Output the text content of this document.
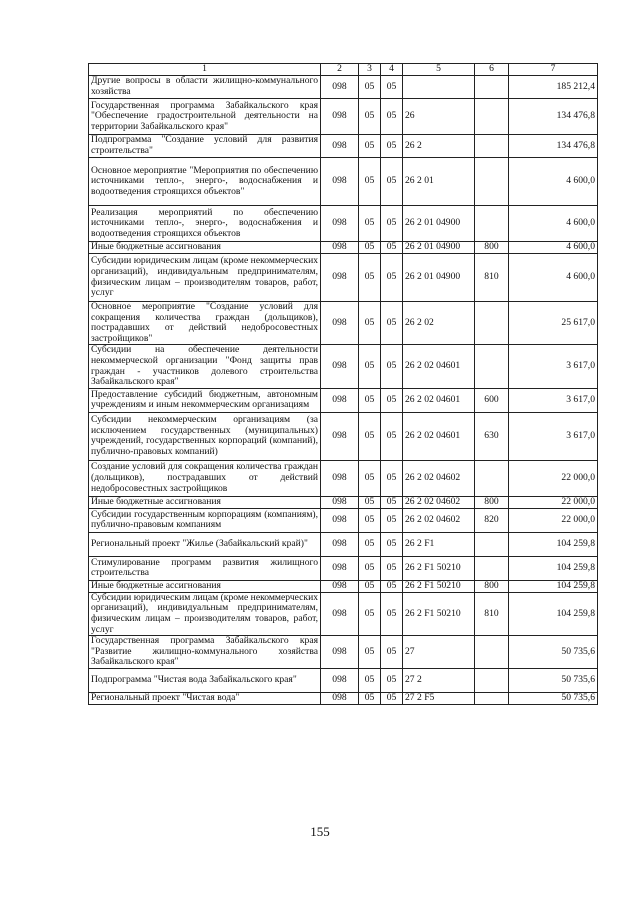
1	2	3	4	5	6	7
Другие вопросы в области жилищно-коммунального хозяйства	098	05	05			185 212,4
Государственная программа Забайкальского края "Обеспечение градостроительной деятельности на территории Забайкальского края"	098	05	05	26		134 476,8
Подпрограмма "Создание условий для развития строительства"	098	05	05	26 2		134 476,8
Основное мероприятие "Мероприятия по обеспечению источниками тепло-, энерго-, водоснабжения и водоотведения строящихся объектов"	098	05	05	26 2 01		4 600,0
Реализация мероприятий по обеспечению источниками тепло-, энерго-, водоснабжения и водоотведения строящихся объектов	098	05	05	26 2 01 04900		4 600,0
Иные бюджетные ассигнования	098	05	05	26 2 01 04900	800	4 600,0
Субсидии юридическим лицам (кроме некоммерческих организаций), индивидуальным предпринимателям, физическим лицам – производителям товаров, работ, услуг	098	05	05	26 2 01 04900	810	4 600,0
Основное мероприятие "Создание условий для сокращения количества граждан (дольщиков), пострадавших от действий недобросовестных застройщиков"	098	05	05	26 2 02		25 617,0
Субсидии на обеспечение деятельности некоммерческой организации "Фонд защиты прав граждан - участников долевого строительства Забайкальского края"	098	05	05	26 2 02 04601		3 617,0
Предоставление субсидий бюджетным, автономным учреждениям и иным некоммерческим организациям	098	05	05	26 2 02 04601	600	3 617,0
Субсидии некоммерческим организациям (за исключением государственных (муниципальных) учреждений, государственных корпораций (компаний), публично-правовых компаний)	098	05	05	26 2 02 04601	630	3 617,0
Создание условий для сокращения количества граждан (дольщиков), пострадавших от действий недобросовестных застройщиков	098	05	05	26 2 02 04602		22 000,0
Иные бюджетные ассигнования	098	05	05	26 2 02 04602	800	22 000,0
Субсидии государственным корпорациям (компаниям), публично-правовым компаниям	098	05	05	26 2 02 04602	820	22 000,0
Региональный проект "Жилье (Забайкальский край)"	098	05	05	26 2 F1		104 259,8
Стимулирование программ развития жилищного строительства	098	05	05	26 2 F1 50210		104 259,8
Иные бюджетные ассигнования	098	05	05	26 2 F1 50210	800	104 259,8
Субсидии юридическим лицам (кроме некоммерческих организаций), индивидуальным предпринимателям, физическим лицам – производителям товаров, работ, услуг	098	05	05	26 2 F1 50210	810	104 259,8
Государственная программа Забайкальского края "Развитие жилищно-коммунального хозяйства Забайкальского края"	098	05	05	27		50 735,6
Подпрограмма "Чистая вода Забайкальского края"	098	05	05	27 2		50 735,6
Региональный проект "Чистая вода"	098	05	05	27 2 F5		50 735,6
155
